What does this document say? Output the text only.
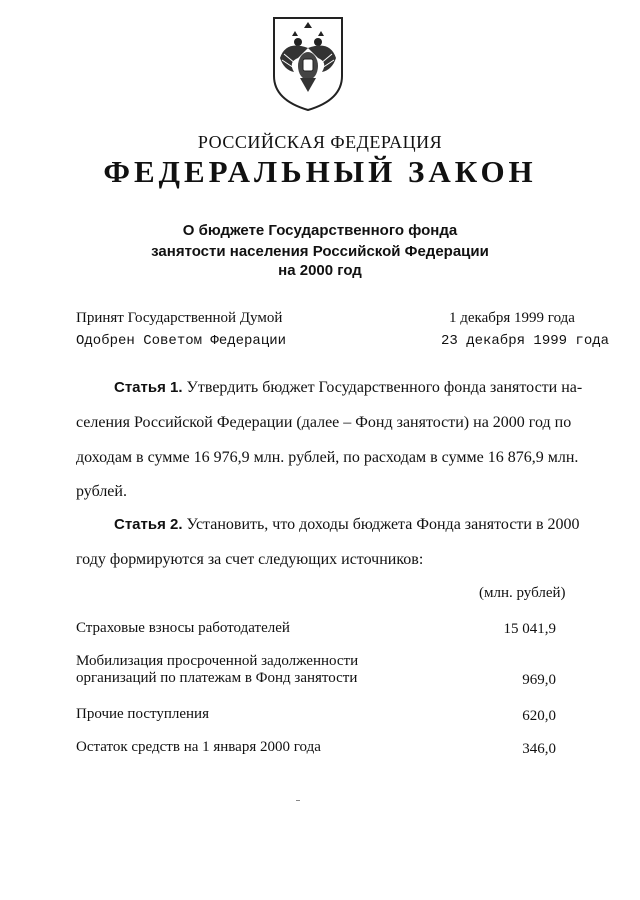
РОССИЙСКАЯ ФЕДЕРАЦИЯ
ФЕДЕРАЛЬНЫЙ ЗАКОН
О бюджете Государственного фонда
занятости населения Российской Федерации
на 2000 год
Принят Государственной Думой	1 декабря 1999 года
Одобрен Советом Федерации	23 декабря 1999 года
Статья 1. Утвердить бюджет Государственного фонда занятости на-
селения Российской Федерации (далее – Фонд занятости) на 2000 год по
доходам в сумме 16 976,9 млн. рублей, по расходам в сумме 16 876,9 млн.
рублей.
Статья 2. Установить, что доходы бюджета Фонда занятости в 2000
году формируются за счет следующих источников:
(млн. рублей)
Страховые взносы работодателей	15 041,9
Мобилизация просроченной задолженности
организаций по платежам в Фонд занятости	969,0
Прочие поступления	620,0
Остаток средств на 1 января 2000 года	346,0
